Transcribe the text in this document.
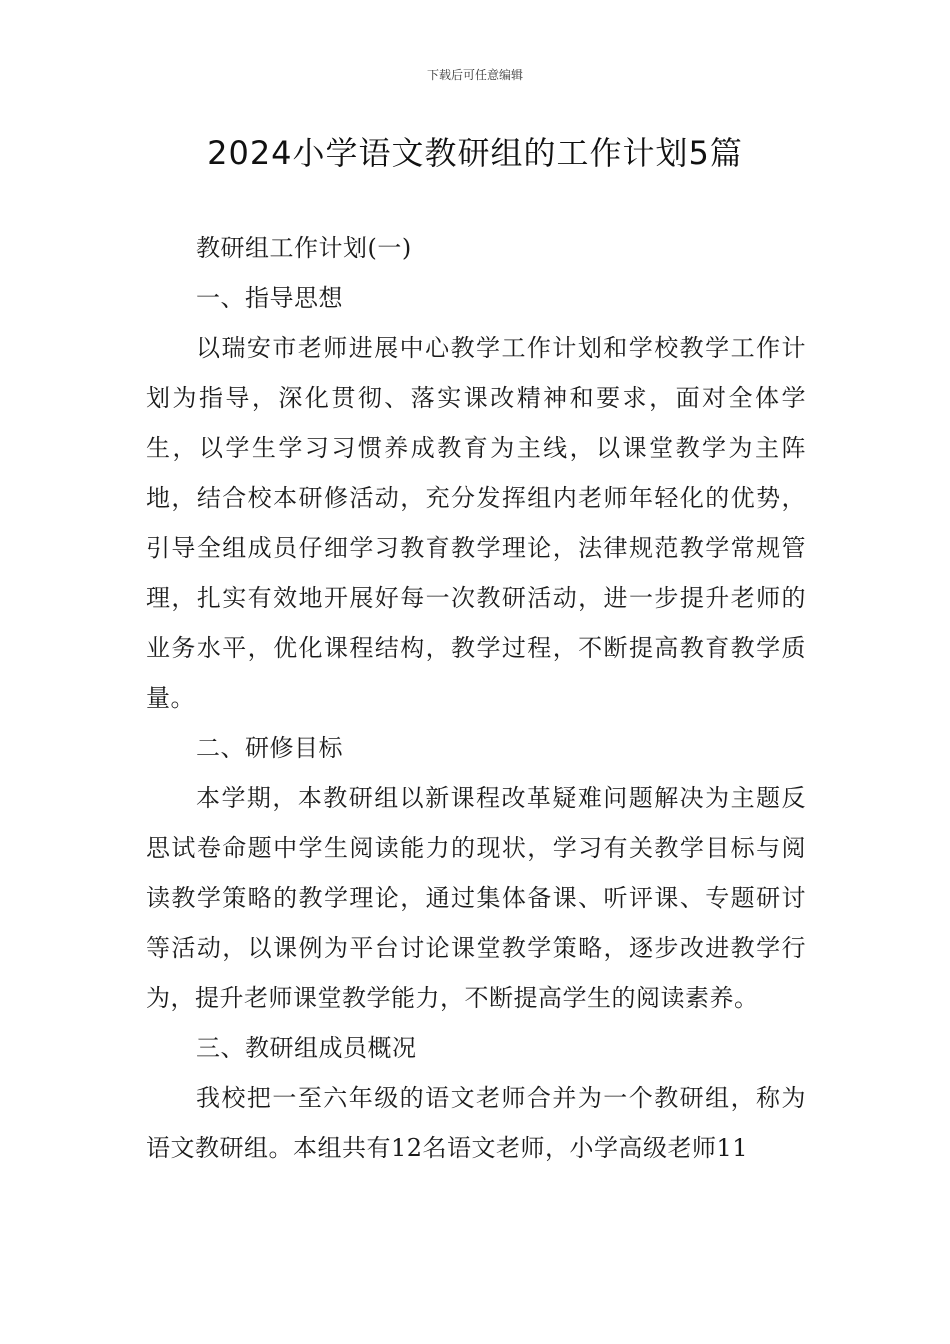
下载后可任意编辑
2024小学语文教研组的工作计划5篇

教研组工作计划(一)

一、指导思想

以瑞安市老师进展中心教学工作计划和学校教学工作计划为指导，深化贯彻、落实课改精神和要求，面对全体学生，以学生学习习惯养成教育为主线，以课堂教学为主阵地，结合校本研修活动，充分发挥组内老师年轻化的优势，引导全组成员仔细学习教育教学理论，法律规范教学常规管理，扎实有效地开展好每一次教研活动，进一步提升老师的业务水平，优化课程结构，教学过程，不断提高教育教学质量。

二、研修目标

本学期，本教研组以新课程改革疑难问题解决为主题反思试卷命题中学生阅读能力的现状，学习有关教学目标与阅读教学策略的教学理论，通过集体备课、听评课、专题研讨等活动，以课例为平台讨论课堂教学策略，逐步改进教学行为，提升老师课堂教学能力，不断提高学生的阅读素养。

三、教研组成员概况

我校把一至六年级的语文老师合并为一个教研组，称为语文教研组。本组共有12名语文老师，小学高级老师11
